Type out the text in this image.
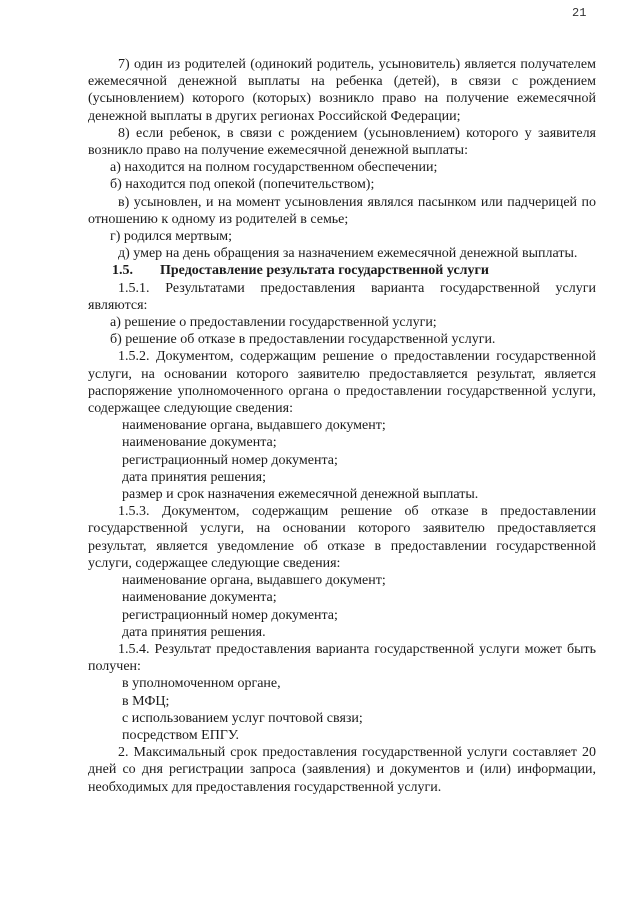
21

7) один из родителей (одинокий родитель, усыновитель) является получателем ежемесячной денежной выплаты на ребенка (детей), в связи с рождением (усыновлением) которого (которых) возникло право на получение ежемесячной денежной выплаты в других регионах Российской Федерации;

8) если ребенок, в связи с рождением (усыновлением) которого у заявителя возникло право на получение ежемесячной денежной выплаты:

а) находится на полном государственном обеспечении;

б) находится под опекой (попечительством);

в) усыновлен, и на момент усыновления являлся пасынком или падчерицей по отношению к одному из родителей в семье;

г) родился мертвым;

д) умер на день обращения за назначением ежемесячной денежной выплаты.

1.5. Предоставление результата государственной услуги

1.5.1. Результатами предоставления варианта государственной услуги являются:

а) решение о предоставлении государственной услуги;

б) решение об отказе в предоставлении государственной услуги.

1.5.2. Документом, содержащим решение о предоставлении государственной услуги, на основании которого заявителю предоставляется результат, является распоряжение уполномоченного органа о предоставлении государственной услуги, содержащее следующие сведения:

наименование органа, выдавшего документ;

наименование документа;

регистрационный номер документа;

дата принятия решения;

размер и срок назначения ежемесячной денежной выплаты.

1.5.3. Документом, содержащим решение об отказе в предоставлении государственной услуги, на основании которого заявителю предоставляется результат, является уведомление об отказе в предоставлении государственной услуги, содержащее следующие сведения:

наименование органа, выдавшего документ;

наименование документа;

регистрационный номер документа;

дата принятия решения.

1.5.4. Результат предоставления варианта государственной услуги может быть получен:

в уполномоченном органе,

в МФЦ;

с использованием услуг почтовой связи;

посредством ЕПГУ.

2. Максимальный срок предоставления государственной услуги составляет 20 дней со дня регистрации запроса (заявления) и документов и (или) информации, необходимых для предоставления государственной услуги.
